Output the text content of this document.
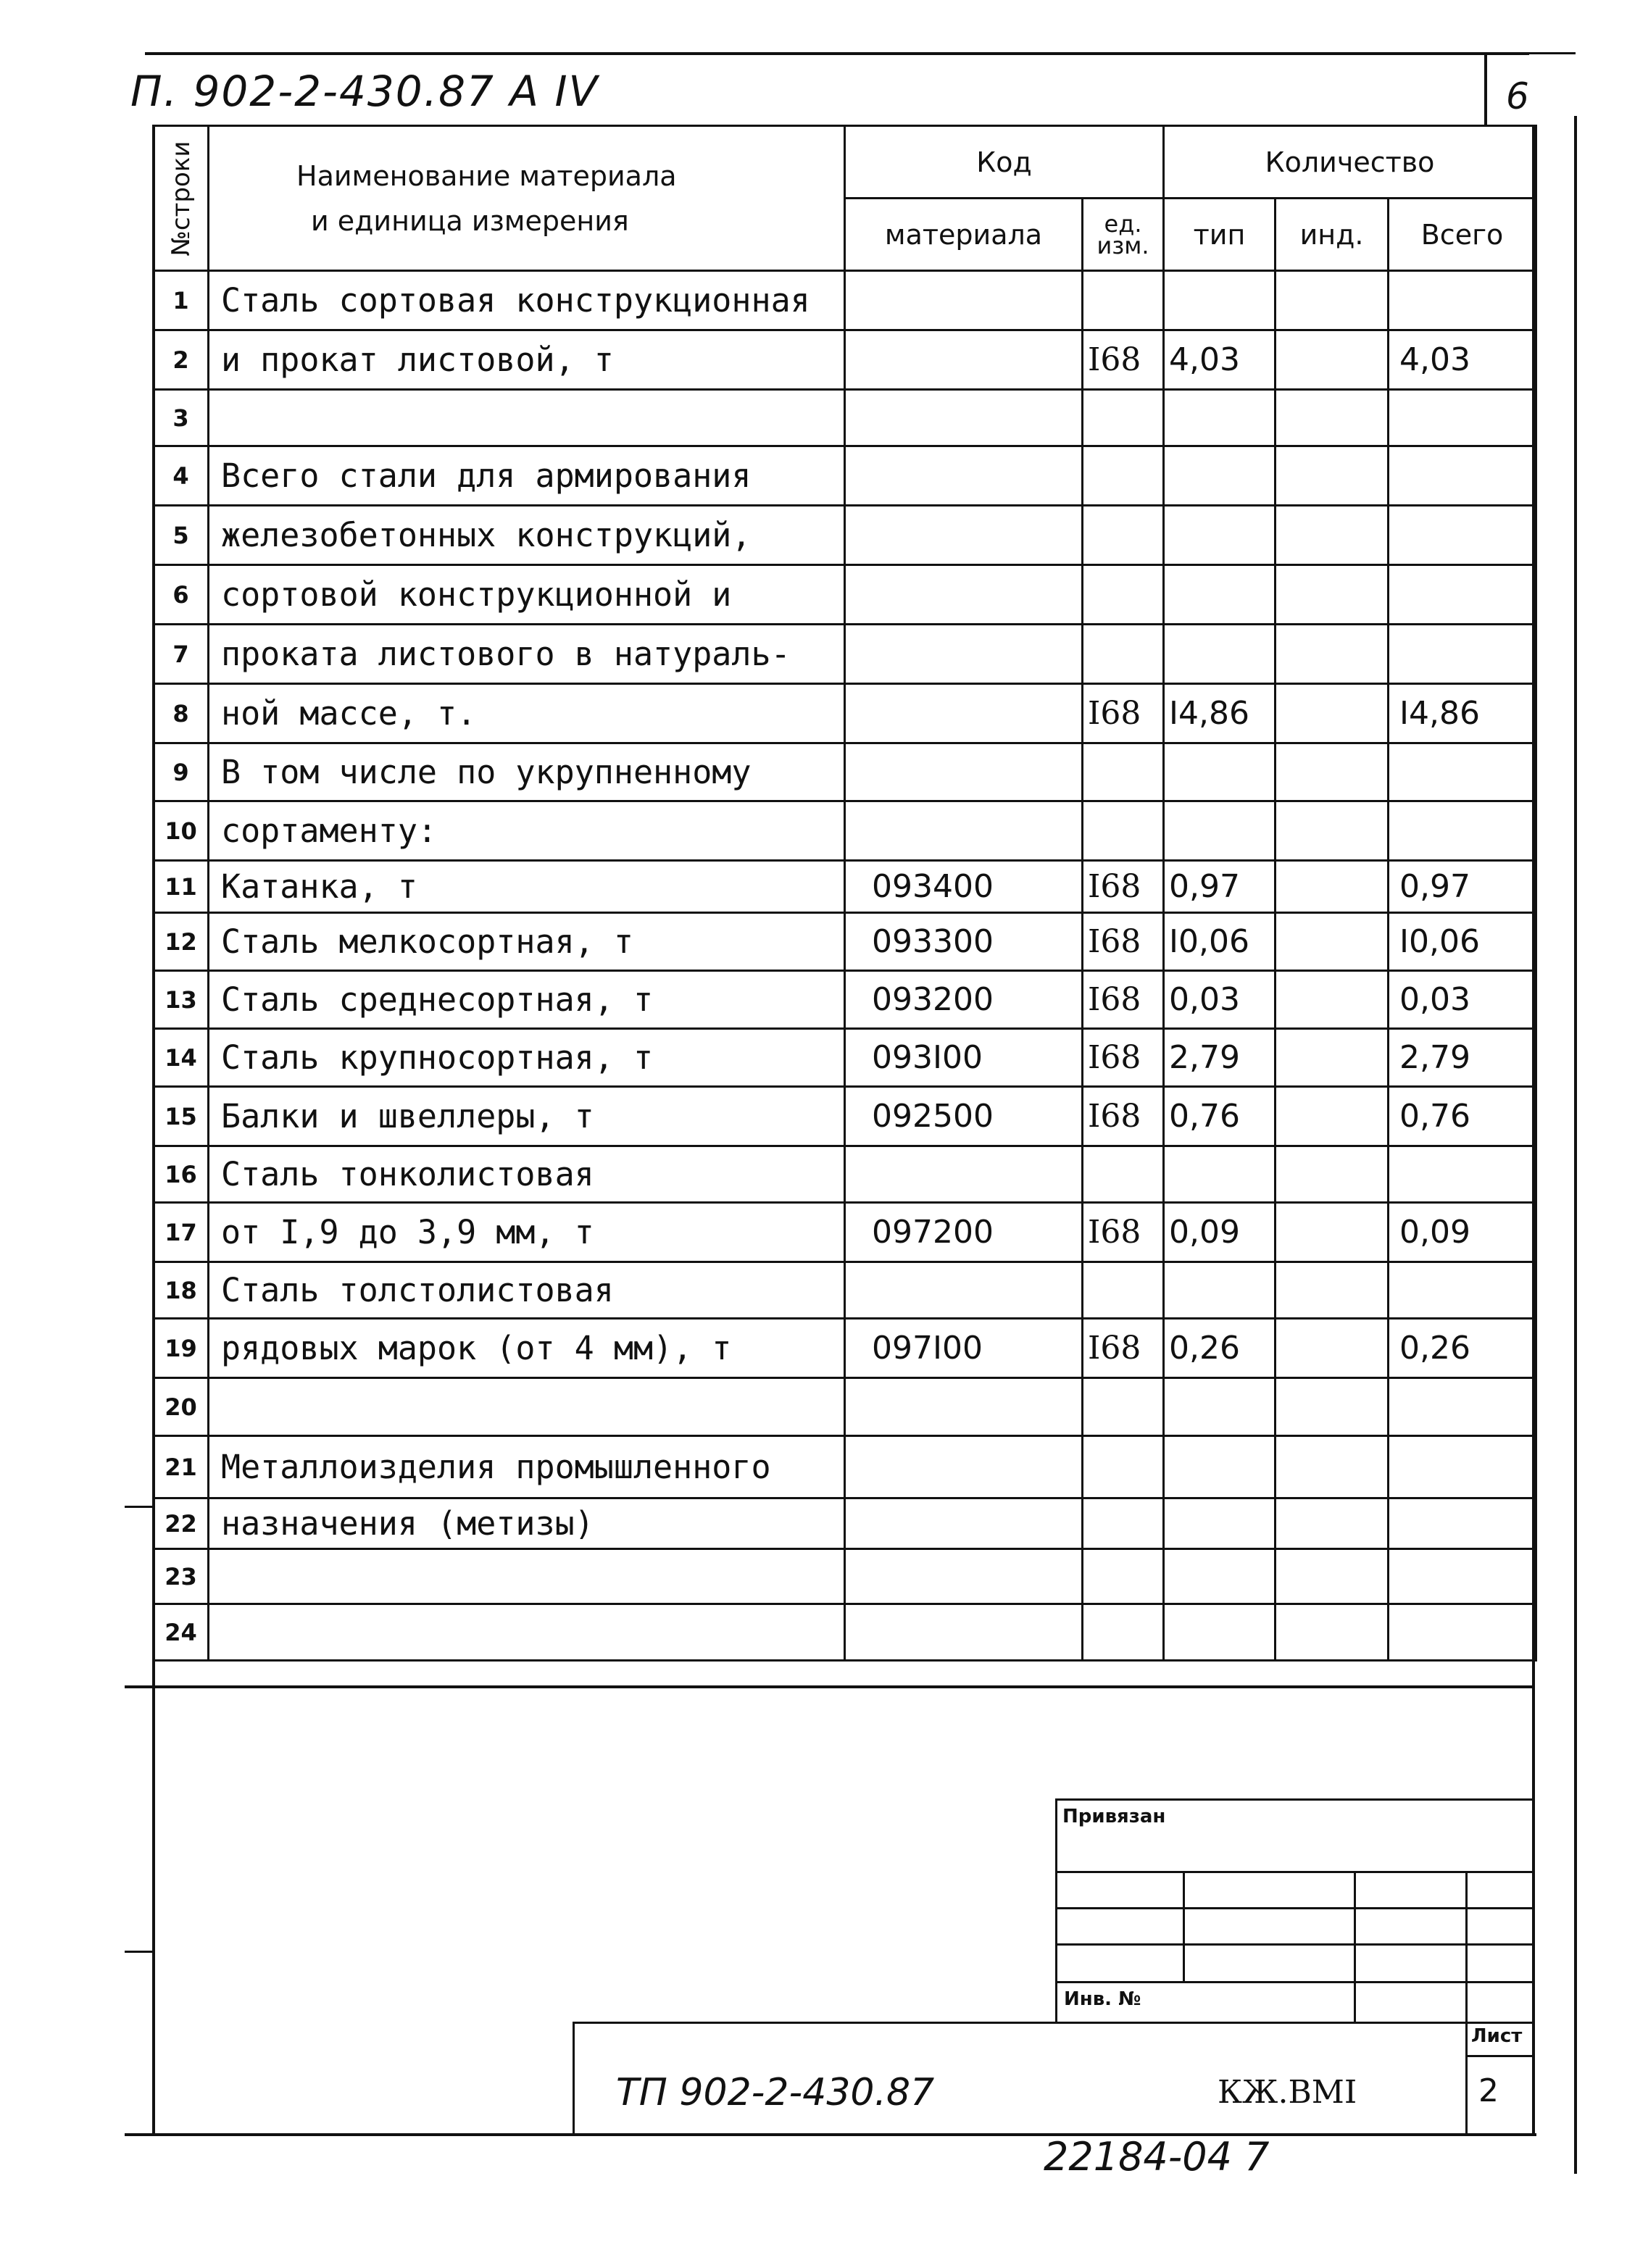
П. 902-2-430.87 А IV	6
№строки	Наименование материала
и единица измерения	Код		Количество		
		материала	ед. изм.	тип	инд.	Всего
1	Сталь сортовая конструкционная					
2	и прокат листовой, т		I68	4,03		4,03
3						
4	Всего стали для армирования					
5	железобетонных конструкций,					
6	сортовой конструкционной и					
7	проката листового в натураль-					
8	ной массе, т.		I68	I4,86		I4,86
9	В том числе по укрупненному					
10	сортаменту:					
11	Катанка, т	093400	I68	0,97		0,97
12	Сталь мелкосортная, т	093300	I68	I0,06		I0,06
13	Сталь среднесортная, т	093200	I68	0,03		0,03
14	Сталь крупносортная, т	093I00	I68	2,79		2,79
15	Балки и швеллеры, т	092500	I68	0,76		0,76
16	Сталь тонколистовая					
17	от I,9 до 3,9 мм, т	097200	I68	0,09		0,09
18	Сталь толстолистовая					
19	рядовых марок (от 4 мм), т	097I00	I68	0,26		0,26
20						
21	Металлоизделия промышленного					
22	назначения (метизы)					
23						
24						
Привязан
Инв. №
Лист
2
ТП 902-2-430.87	КЖ.ВМI
22184-04 7
